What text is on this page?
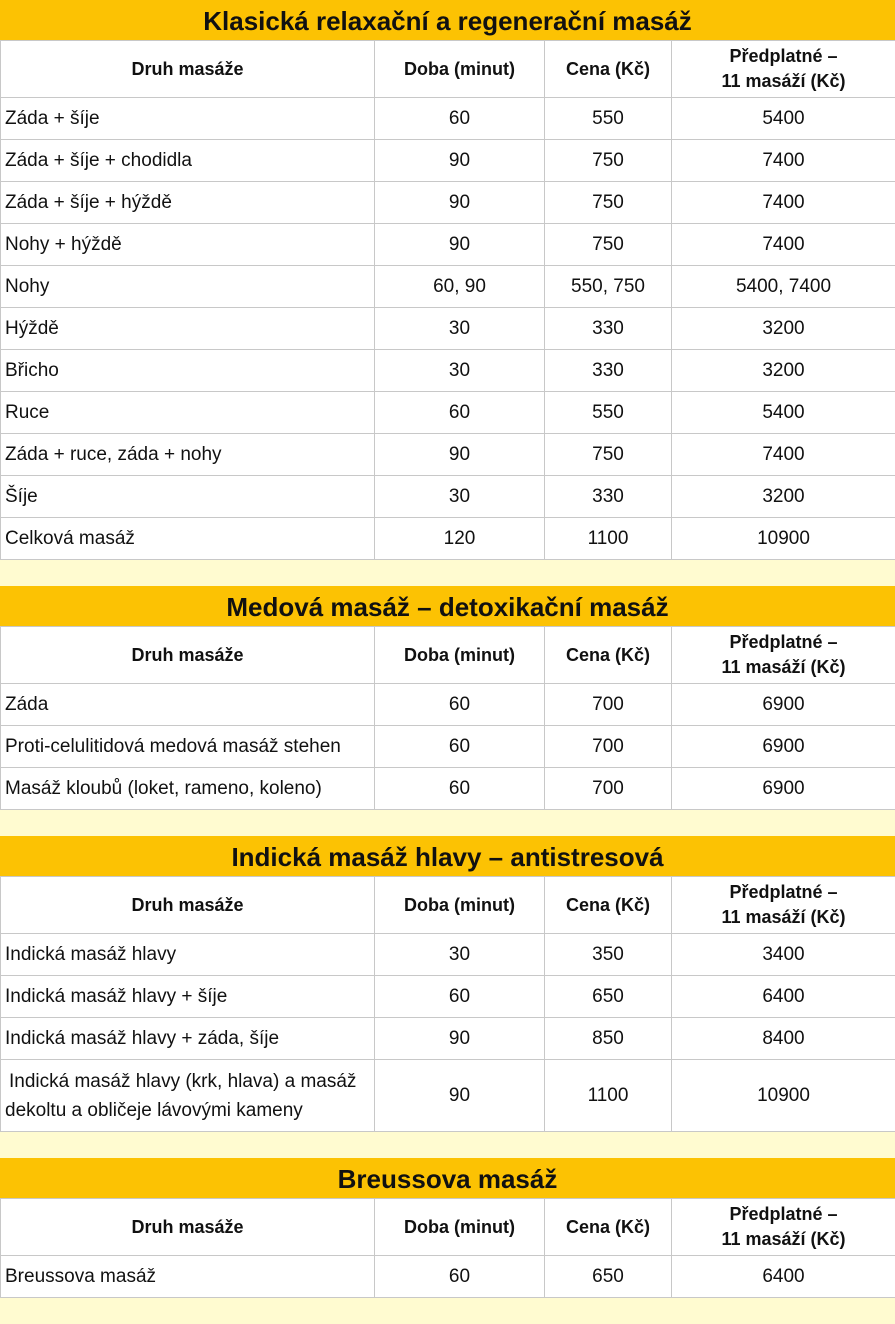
Klasická relaxační a regenerační masáž
Druh masáže	Doba (minut)	Cena (Kč)	Předplatné –
11 masáží (Kč)

Záda + šíje	60	550	5400
Záda + šíje + chodidla	90	750	7400
Záda + šíje + hýždě	90	750	7400
Nohy + hýždě	90	750	7400
Nohy	60, 90	550, 750	5400, 7400
Hýždě	30	330	3200
Břicho	30	330	3200
Ruce	60	550	5400
Záda + ruce, záda + nohy	90	750	7400
Šíje	30	330	3200
Celková masáž	120	1100	10900
Medová masáž – detoxikační masáž
Druh masáže	Doba (minut)	Cena (Kč)	Předplatné –
11 masáží (Kč)

Záda	60	700	6900
Proti-celulitidová medová masáž stehen	60	700	6900
Masáž kloubů (loket, rameno, koleno)	60	700	6900
Indická masáž hlavy – antistresová
Druh masáže	Doba (minut)	Cena (Kč)	Předplatné –
11 masáží (Kč)

Indická masáž hlavy	30	350	3400
Indická masáž hlavy + šíje	60	650	6400
Indická masáž hlavy + záda, šíje	90	850	8400

Indická masáž hlavy (krk, hlava) a masáž
dekoltu a obličeje lávovými kameny	90	1100	10900
Breussova masáž
Druh masáže	Doba (minut)	Cena (Kč)	Předplatné –
11 masáží (Kč)

Breussova masáž	60	650	6400
